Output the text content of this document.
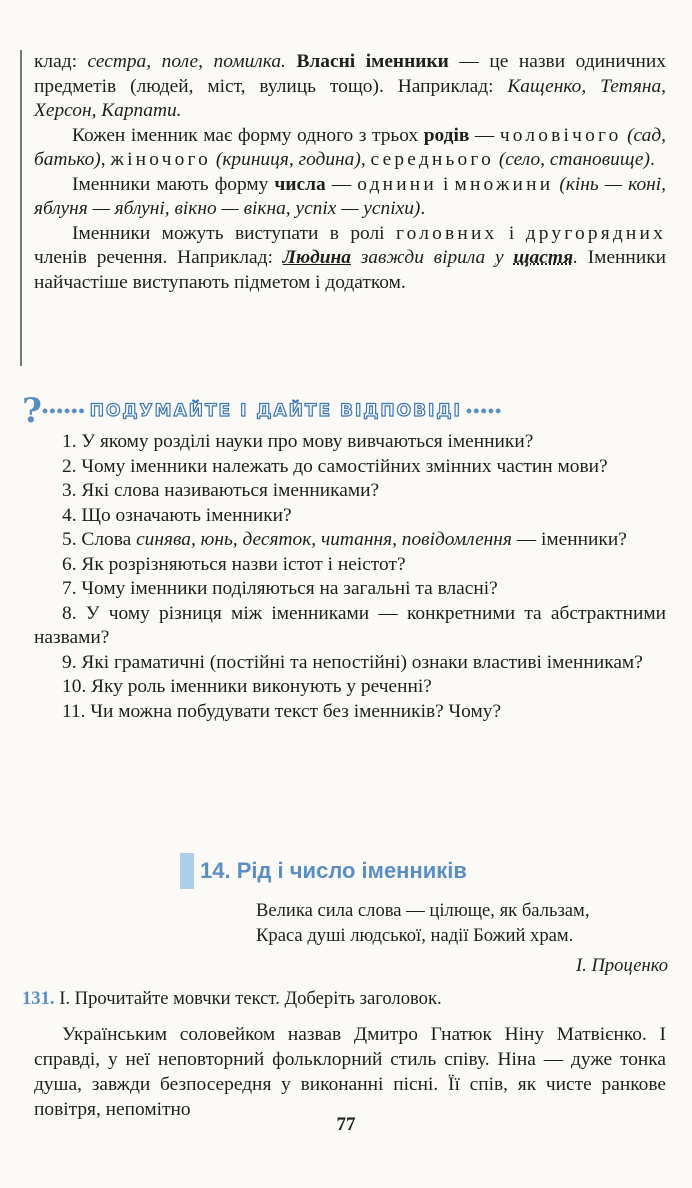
клад: сестра, поле, помилка. Власні іменники — це назви одиничних предметів (людей, міст, вулиць тощо). Наприклад: Кащенко, Тетяна, Херсон, Карпати.

Кожен іменник має форму одного з трьох родів — чоловічого (сад, батько), жіночого (криниця, година), середнього (село, становище).

Іменники мають форму числа — однини і множини (кінь — коні, яблуня — яблуні, вікно — вікна, успіх — успіхи).

Іменники можуть виступати в ролі головних і другорядних членів речення. Наприклад: Людина завжди вірила у щастя. Іменники найчастіше виступають підметом і додатком.

? •••••• ПОДУМАЙТЕ І ДАЙТЕ ВІДПОВІДІ •••••

1. У якому розділі науки про мову вивчаються іменники?

2. Чому іменники належать до самостійних змінних частин мови?

3. Які слова називаються іменниками?

4. Що означають іменники?

5. Слова синява, юнь, десяток, читання, повідомлення — іменники?

6. Як розрізняються назви істот і неістот?

7. Чому іменники поділяються на загальні та власні?

8. У чому різниця між іменниками — конкретними та абстрактними назвами?

9. Які граматичні (постійні та непостійні) ознаки властиві іменникам?

10. Яку роль іменники виконують у реченні?

11. Чи можна побудувати текст без іменників? Чому?

14. Рід і число іменників
Велика сила слова — цілюще, як бальзам,
Краса душі людської, надії Божий храм.
І. Проценко
131. І. Прочитайте мовчки текст. Доберіть заголовок.

Українським соловейком назвав Дмитро Гнатюк Ніну Матвієнко. І справді, у неї неповторний фольклорний стиль співу. Ніна — дуже тонка душа, завжди безпосередня у виконанні пісні. Її спів, як чисте ранкове повітря, непомітно

77
